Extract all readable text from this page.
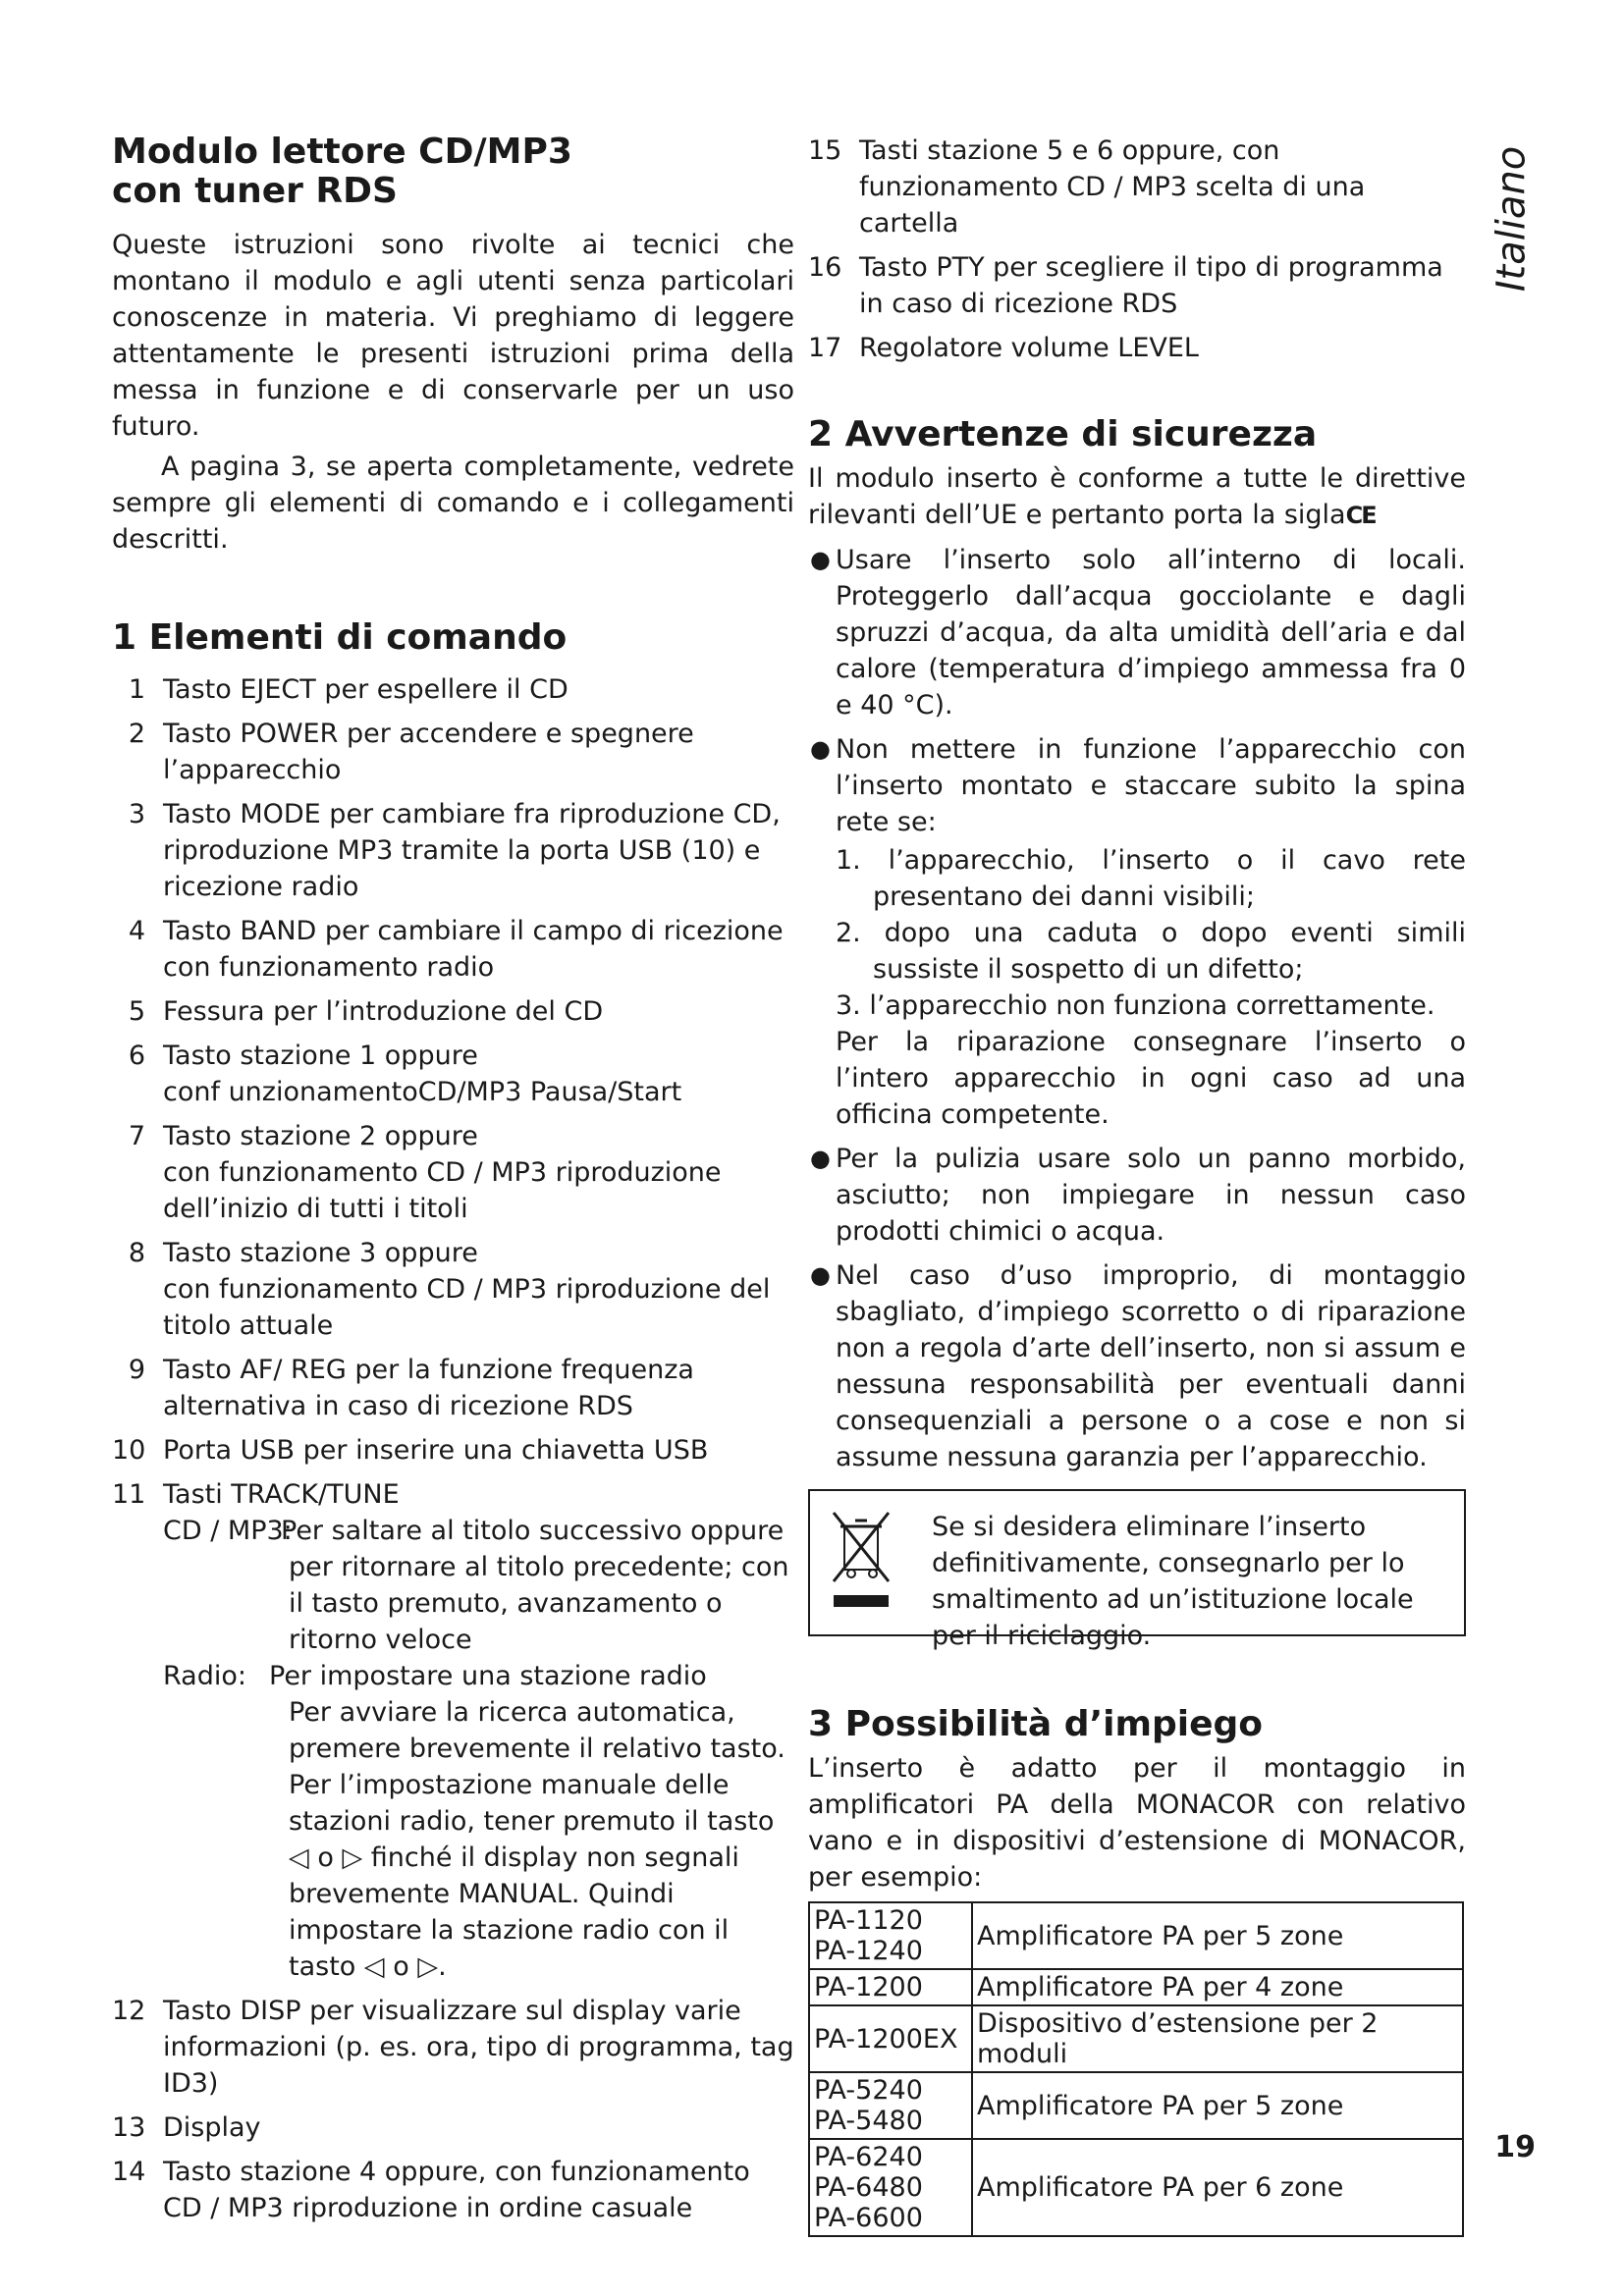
Italiano
Modulo lettore CD/MP3
con tuner RDS

Queste istruzioni sono rivolte ai tecnici che montano il modulo e agli utenti senza particolari conoscenze in materia. Vi preghiamo di leggere attentamente le presenti istruzioni prima della messa in funzione e di conservarle per un uso futuro.

A pagina 3, se aperta completamente, vedrete sempre gli elementi di comando e i collegamenti descritti.

1 Elementi di comando
1 Tasto EJECT per espellere il CD
2 Tasto POWER per accendere e spegnere l’apparecchio
3 Tasto MODE per cambiare fra riproduzione CD, riproduzione MP3 tramite la porta USB (10) e ricezione radio
4 Tasto BAND per cambiare il campo di ricezione con funzionamento radio
5 Fessura per l’introduzione del CD
6 Tasto stazione 1 oppure
conf unzionamentoCD/MP3 Pausa/Start
7 Tasto stazione 2 oppure
con funzionamento CD / MP3 riproduzione dell’inizio di tutti i titoli
8 Tasto stazione 3 oppure
con funzionamento CD / MP3 riproduzione del titolo attuale
9 Tasto AF/ REG per la funzione frequenza alternativa in caso di ricezione RDS
10 Porta USB per inserire una chiavetta USB
11 Tasti TRACK/TUNE
CD / MP3:
Per saltare al titolo successivo oppure per ritornare al titolo precedente; con il tasto premuto, avanzamento o ritorno veloce
Radio: Per impostare una stazione radio
Per avviare la ricerca automatica, premere brevemente il relativo tasto.
Per l’impostazione manuale delle stazioni radio, tener premuto il tasto ◁ o ▷ finché il display non segnali brevemente MANUAL. Quindi impostare la stazione radio con il tasto ◁ o ▷.
12 Tasto DISP per visualizzare sul display varie informazioni (p. es. ora, tipo di programma, tag ID3)
13 Display
14 Tasto stazione 4 oppure, con funzionamento CD / MP3 riproduzione in ordine casuale
15 Tasti stazione 5 e 6 oppure, con funzionamento CD / MP3 scelta di una cartella
16 Tasto PTY per scegliere il tipo di programma in caso di ricezione RDS
17 Regolatore volume LEVEL
2 Avvertenze di sicurezza

Il modulo inserto è conforme a tutte le direttive rilevanti dell’UE e pertanto porta la siglaCE

● Usare l’inserto solo all’interno di locali. Proteggerlo dall’acqua gocciolante e dagli spruzzi d’acqua, da alta umidità dell’aria e dal calore (temperatura d’impiego ammessa fra 0 e 40 °C).
● Non mettere in funzione l’apparecchio con l’inserto montato e staccare subito la spina rete se:
1. l’apparecchio, l’inserto o il cavo rete presentano dei danni visibili;
2. dopo una caduta o dopo eventi simili sussiste il sospetto di un difetto;
3. l’apparecchio non funziona correttamente.
Per la riparazione consegnare l’inserto o l’intero apparecchio in ogni caso ad una officina competente.
● Per la pulizia usare solo un panno morbido, asciutto; non impiegare in nessun caso prodotti chimici o acqua.
● Nel caso d’uso improprio, di montaggio sbagliato, d’impiego scorretto o di riparazione non a regola d’arte dell’inserto, non si assum e nessuna responsabilità per eventuali danni consequenziali a persone o a cose e non si assume nessuna garanzia per l’apparecchio.
Se si desidera eliminare l’inserto definitivamente, consegnarlo per lo smaltimento ad un’istituzione locale per il riciclaggio.
3 Possibilità d’impiego

L’inserto è adatto per il montaggio in amplificatori PA della MONACOR con relativo vano e in dispositivi d’estensione di MONACOR, per esempio:

PA-1120
PA-1240	Amplificatore PA per 5 zone
PA-1200	Amplificatore PA per 4 zone
PA-1200EX	Dispositivo d’estensione per 2 moduli
PA-5240
PA-5480	Amplificatore PA per 5 zone
PA-6240
PA-6480
PA-6600	Amplificatore PA per 6 zone
19
